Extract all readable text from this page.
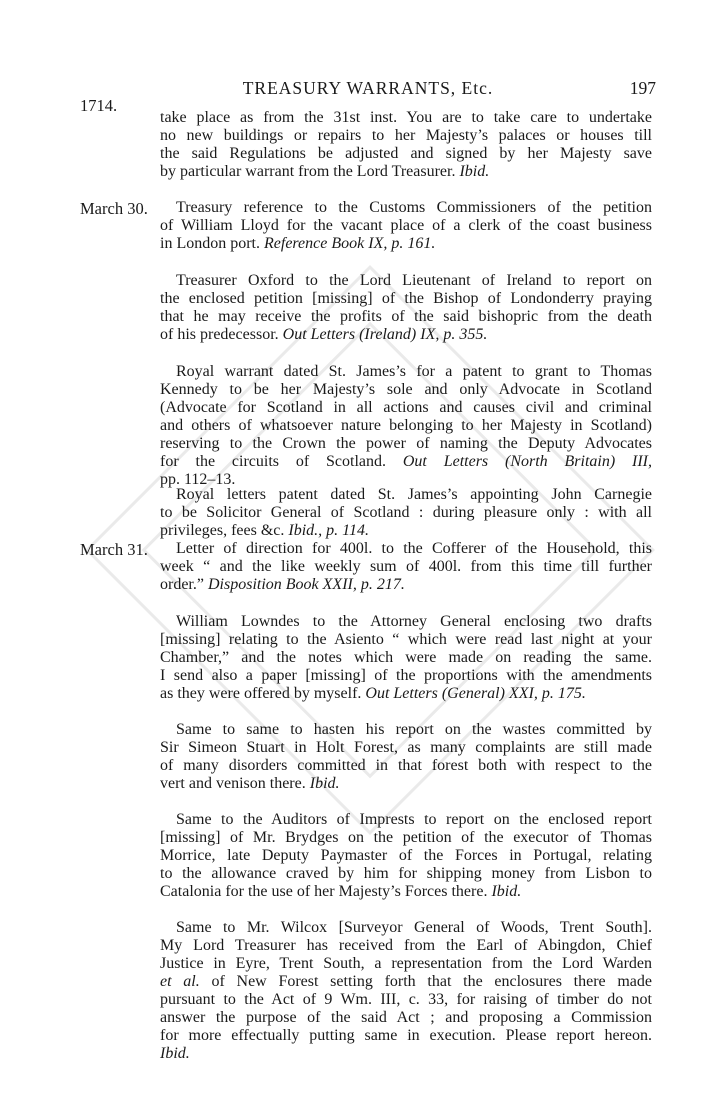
TREASURY WARRANTS, Etc.	197
1714.
take place as from the 31st inst. You are to take care to undertake
no new buildings or repairs to her Majesty’s palaces or houses till
the said Regulations be adjusted and signed by her Majesty save
by particular warrant from the Lord Treasurer. Ibid.
March 30.	Treasury reference to the Customs Commissioners of the petition
of William Lloyd for the vacant place of a clerk of the coast business
in London port. Reference Book IX, p. 161.
Treasurer Oxford to the Lord Lieutenant of Ireland to report on
the enclosed petition [missing] of the Bishop of Londonderry praying
that he may receive the profits of the said bishopric from the death
of his predecessor. Out Letters (Ireland) IX, p. 355.
Royal warrant dated St. James’s for a patent to grant to Thomas
Kennedy to be her Majesty’s sole and only Advocate in Scotland
(Advocate for Scotland in all actions and causes civil and criminal
and others of whatsoever nature belonging to her Majesty in Scotland)
reserving to the Crown the power of naming the Deputy Advocates
for the circuits of Scotland. Out Letters (North Britain) III,
pp. 112–13.
Royal letters patent dated St. James’s appointing John Carnegie
to be Solicitor General of Scotland : during pleasure only : with all
privileges, fees &c. Ibid., p. 114.
March 31.	Letter of direction for 400l. to the Cofferer of the Household, this
week “ and the like weekly sum of 400l. from this time till further
order.” Disposition Book XXII, p. 217.
William Lowndes to the Attorney General enclosing two drafts
[missing] relating to the Asiento “ which were read last night at your
Chamber,” and the notes which were made on reading the same.
I send also a paper [missing] of the proportions with the amendments
as they were offered by myself. Out Letters (General) XXI, p. 175.
Same to same to hasten his report on the wastes committed by
Sir Simeon Stuart in Holt Forest, as many complaints are still made
of many disorders committed in that forest both with respect to the
vert and venison there. Ibid.
Same to the Auditors of Imprests to report on the enclosed report
[missing] of Mr. Brydges on the petition of the executor of Thomas
Morrice, late Deputy Paymaster of the Forces in Portugal, relating
to the allowance craved by him for shipping money from Lisbon to
Catalonia for the use of her Majesty’s Forces there. Ibid.
Same to Mr. Wilcox [Surveyor General of Woods, Trent South].
My Lord Treasurer has received from the Earl of Abingdon, Chief
Justice in Eyre, Trent South, a representation from the Lord Warden
et al. of New Forest setting forth that the enclosures there made
pursuant to the Act of 9 Wm. III, c. 33, for raising of timber do not
answer the purpose of the said Act ; and proposing a Commission
for more effectually putting same in execution. Please report hereon.
Ibid.
